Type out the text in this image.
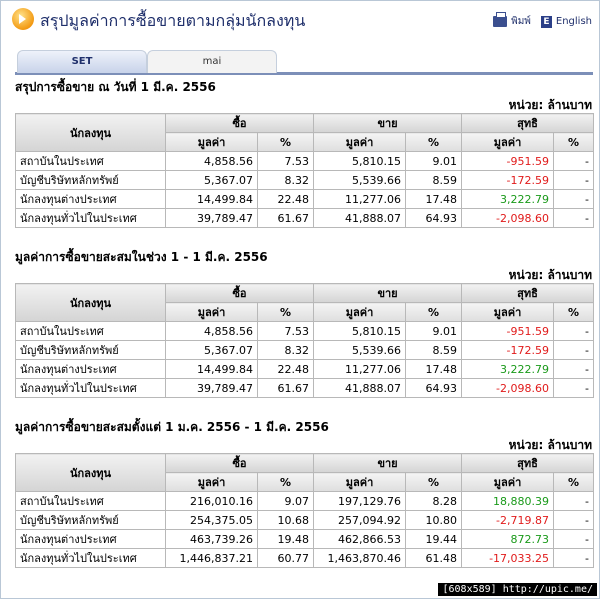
สรุปมูลค่าการซื้อขายตามกลุ่มนักลงทุน	พิมพ์ E English
SET	mai
สรุปการซื้อขาย ณ วันที่ 1 มี.ค. 2556
หน่วย: ล้านบาท
นักลงทุน	ซื้อ		ขาย		สุทธิ	
	มูลค่า	%	มูลค่า	%	มูลค่า	%
สถาบันในประเทศ	4,858.56	7.53	5,810.15	9.01	-951.59	-
บัญชีบริษัทหลักทรัพย์	5,367.07	8.32	5,539.66	8.59	-172.59	-
นักลงทุนต่างประเทศ	14,499.84	22.48	11,277.06	17.48	3,222.79	-
นักลงทุนทั่วไปในประเทศ	39,789.47	61.67	41,888.07	64.93	-2,098.60	-
มูลค่าการซื้อขายสะสมในช่วง 1 - 1 มี.ค. 2556
หน่วย: ล้านบาท
นักลงทุน	ซื้อ		ขาย		สุทธิ	
	มูลค่า	%	มูลค่า	%	มูลค่า	%
สถาบันในประเทศ	4,858.56	7.53	5,810.15	9.01	-951.59	-
บัญชีบริษัทหลักทรัพย์	5,367.07	8.32	5,539.66	8.59	-172.59	-
นักลงทุนต่างประเทศ	14,499.84	22.48	11,277.06	17.48	3,222.79	-
นักลงทุนทั่วไปในประเทศ	39,789.47	61.67	41,888.07	64.93	-2,098.60	-
มูลค่าการซื้อขายสะสมตั้งแต่ 1 ม.ค. 2556 - 1 มี.ค. 2556
หน่วย: ล้านบาท
นักลงทุน	ซื้อ		ขาย		สุทธิ	
	มูลค่า	%	มูลค่า	%	มูลค่า	%
สถาบันในประเทศ	216,010.16	9.07	197,129.76	8.28	18,880.39	-
บัญชีบริษัทหลักทรัพย์	254,375.05	10.68	257,094.92	10.80	-2,719.87	-
นักลงทุนต่างประเทศ	463,739.26	19.48	462,866.53	19.44	872.73	-
นักลงทุนทั่วไปในประเทศ	1,446,837.21	60.77	1,463,870.46	61.48	-17,033.25	-
[608x589] http://upic.me/
